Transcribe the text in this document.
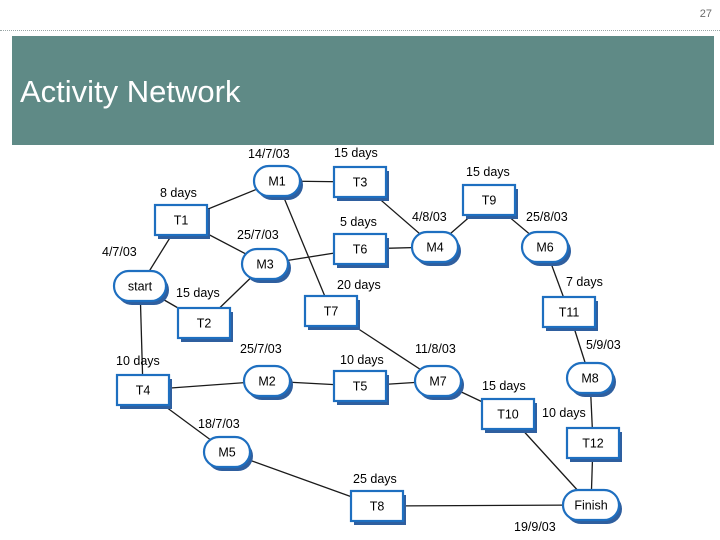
27
Activity Network
start
M1
M2
M3
M4
M5
M6
M7	M8
Finish
T1
T2
T3
T4	T5
T6
T7
T8
T9
T10
T11
T12
4/7/03
14/7/03
25/7/03
25/7/03
4/8/03
18/7/03
25/8/03
11/8/03	5/9/03
19/9/03
8 days
15 days
15 days
10 days	10 days
5 days
20 days
25 days
15 days
15 days
7 days
10 days
